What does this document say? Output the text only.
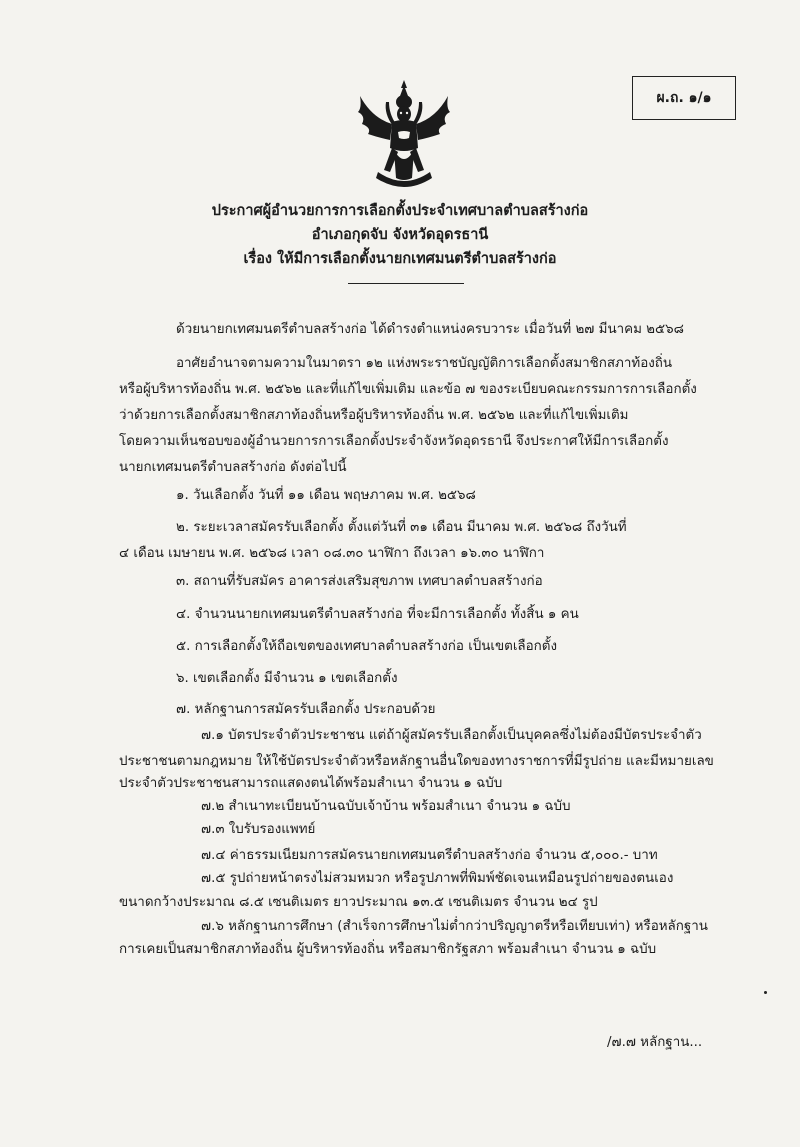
ผ.ถ. ๑/๑
ประกาศผู้อำนวยการการเลือกตั้งประจำเทศบาลตำบลสร้างก่อ
อำเภอกุดจับ จังหวัดอุดรธานี
เรื่อง ให้มีการเลือกตั้งนายกเทศมนตรีตำบลสร้างก่อ
ด้วยนายกเทศมนตรีตำบลสร้างก่อ ได้ดำรงตำแหน่งครบวาระ เมื่อวันที่ ๒๗ มีนาคม ๒๕๖๘
อาศัยอำนาจตามความในมาตรา ๑๒ แห่งพระราชบัญญัติการเลือกตั้งสมาชิกสภาท้องถิ่น
หรือผู้บริหารท้องถิ่น พ.ศ. ๒๕๖๒ และที่แก้ไขเพิ่มเติม และข้อ ๗ ของระเบียบคณะกรรมการการเลือกตั้ง
ว่าด้วยการเลือกตั้งสมาชิกสภาท้องถิ่นหรือผู้บริหารท้องถิ่น พ.ศ. ๒๕๖๒ และที่แก้ไขเพิ่มเติม
โดยความเห็นชอบของผู้อำนวยการการเลือกตั้งประจำจังหวัดอุดรธานี จึงประกาศให้มีการเลือกตั้ง
นายกเทศมนตรีตำบลสร้างก่อ ดังต่อไปนี้
๑. วันเลือกตั้ง วันที่ ๑๑ เดือน พฤษภาคม พ.ศ. ๒๕๖๘
๒. ระยะเวลาสมัครรับเลือกตั้ง ตั้งแต่วันที่ ๓๑ เดือน มีนาคม พ.ศ. ๒๕๖๘ ถึงวันที่
๔ เดือน เมษายน พ.ศ. ๒๕๖๘ เวลา ๐๘.๓๐ นาฬิกา ถึงเวลา ๑๖.๓๐ นาฬิกา
๓. สถานที่รับสมัคร อาคารส่งเสริมสุขภาพ เทศบาลตำบลสร้างก่อ
๔. จำนวนนายกเทศมนตรีตำบลสร้างก่อ ที่จะมีการเลือกตั้ง ทั้งสิ้น ๑ คน
๕. การเลือกตั้งให้ถือเขตของเทศบาลตำบลสร้างก่อ เป็นเขตเลือกตั้ง
๖. เขตเลือกตั้ง มีจำนวน ๑ เขตเลือกตั้ง
๗. หลักฐานการสมัครรับเลือกตั้ง ประกอบด้วย
๗.๑ บัตรประจำตัวประชาชน แต่ถ้าผู้สมัครรับเลือกตั้งเป็นบุคคลซึ่งไม่ต้องมีบัตรประจำตัว
ประชาชนตามกฎหมาย ให้ใช้บัตรประจำตัวหรือหลักฐานอื่นใดของทางราชการที่มีรูปถ่าย และมีหมายเลข
ประจำตัวประชาชนสามารถแสดงตนได้พร้อมสำเนา จำนวน ๑ ฉบับ
๗.๒ สำเนาทะเบียนบ้านฉบับเจ้าบ้าน พร้อมสำเนา จำนวน ๑ ฉบับ
๗.๓ ใบรับรองแพทย์
๗.๔ ค่าธรรมเนียมการสมัครนายกเทศมนตรีตำบลสร้างก่อ จำนวน ๕,๐๐๐.- บาท
๗.๕ รูปถ่ายหน้าตรงไม่สวมหมวก หรือรูปภาพที่พิมพ์ชัดเจนเหมือนรูปถ่ายของตนเอง
ขนาดกว้างประมาณ ๘.๕ เซนติเมตร ยาวประมาณ ๑๓.๕ เซนติเมตร จำนวน ๒๔ รูป
๗.๖ หลักฐานการศึกษา (สำเร็จการศึกษาไม่ต่ำกว่าปริญญาตรีหรือเทียบเท่า) หรือหลักฐาน
การเคยเป็นสมาชิกสภาท้องถิ่น ผู้บริหารท้องถิ่น หรือสมาชิกรัฐสภา พร้อมสำเนา จำนวน ๑ ฉบับ
/๗.๗ หลักฐาน...
